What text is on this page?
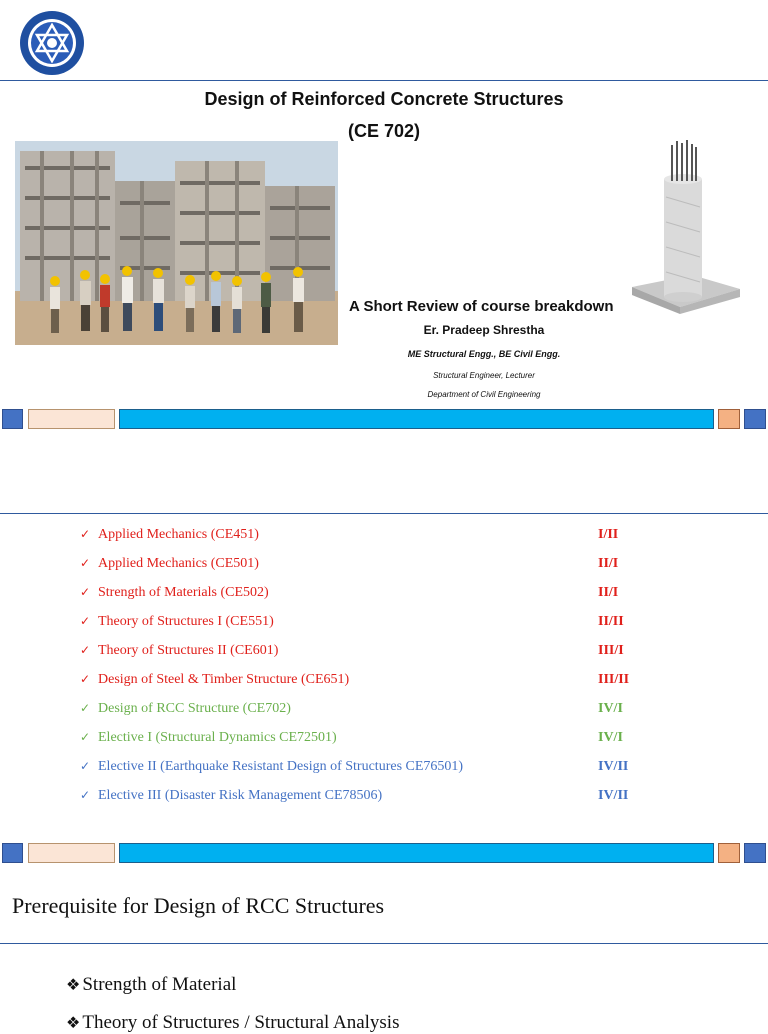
Design of Reinforced Concrete Structures
(CE 702)
A Short Review of course breakdown
Er. Pradeep Shrestha
ME Structural Engg., BE Civil Engg.
Structural Engineer, Lecturer
Department of Civil Engineering
✓ Applied Mechanics (CE451)	I/II
✓ Applied Mechanics (CE501)	II/I
✓ Strength of Materials (CE502)	II/I
✓ Theory of Structures I (CE551)	II/II
✓ Theory of Structures II (CE601)	III/I
✓ Design of Steel & Timber Structure (CE651)	III/II
✓ Design of RCC Structure (CE702)	IV/I
✓ Elective I (Structural Dynamics CE72501)	IV/I
✓ Elective II (Earthquake Resistant Design of Structures CE76501)	IV/II
✓ Elective III (Disaster Risk Management CE78506)	IV/II
Prerequisite for Design of RCC Structures
❖ Strength of Material
❖ Theory of Structures / Structural Analysis
